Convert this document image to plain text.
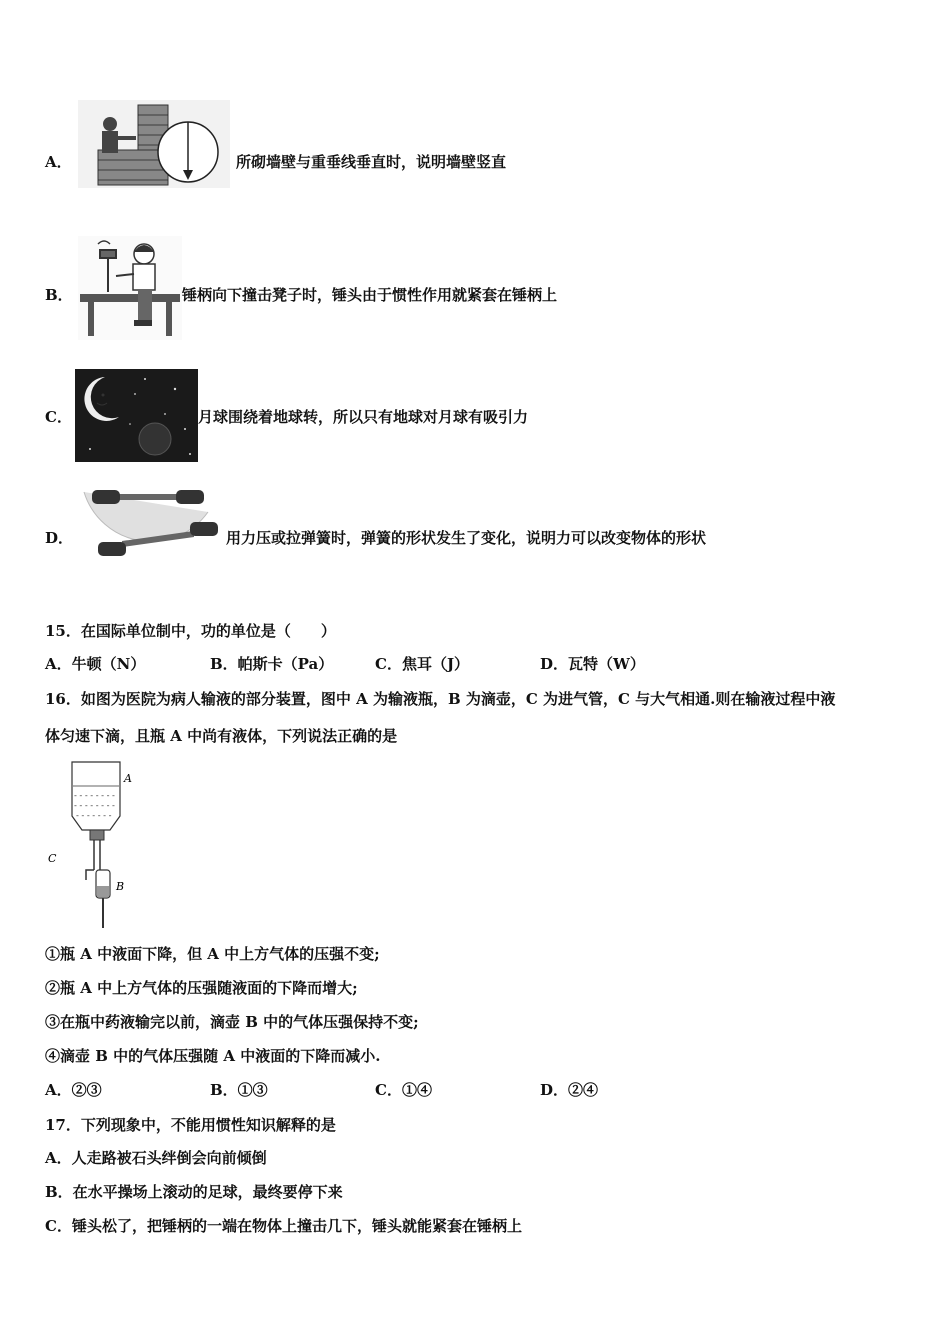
A．	所砌墙壁与重垂线垂直时，说明墙壁竖直
B．	锤柄向下撞击凳子时，锤头由于惯性作用就紧套在锤柄上
C．	月球围绕着地球转，所以只有地球对月球有吸引力
D．	用力压或拉弹簧时，弹簧的形状发生了变化，说明力可以改变物体的形状
15．在国际单位制中，功的单位是（　　）
A．牛顿（N）	B．帕斯卡（Pa）	C．焦耳（J）	D．瓦特（W）
16．如图为医院为病人输液的部分装置，图中 A 为输液瓶，B 为滴壶，C 为进气管，C 与大气相通.则在输液过程中液
体匀速下滴，且瓶 A 中尚有液体，下列说法正确的是
- - - - - - - -
- - - - - - - -
- - - - - - -
A
C
B
①瓶 A 中液面下降，但 A 中上方气体的压强不变;
②瓶 A 中上方气体的压强随液面的下降而增大;
③在瓶中药液输完以前，滴壶 B 中的气体压强保持不变;
④滴壶 B 中的气体压强随 A 中液面的下降而减小.
A．②③	B．①③	C．①④	D．②④
17．下列现象中，不能用惯性知识解释的是
A．人走路被石头绊倒会向前倾倒
B．在水平操场上滚动的足球，最终要停下来
C．锤头松了，把锤柄的一端在物体上撞击几下，锤头就能紧套在锤柄上
